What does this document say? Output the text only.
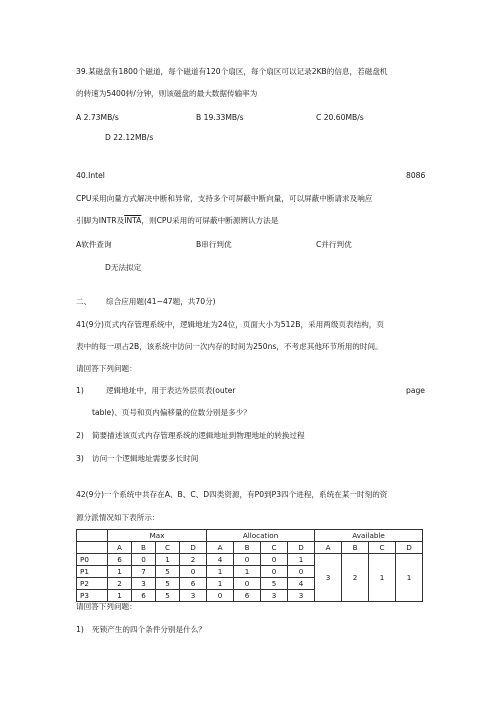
39.某磁盘有1800个磁道，每个磁道有120个扇区，每个扇区可以记录2KB的信息，若磁盘机
的转速为5400转/分钟，则该磁盘的最大数据传输率为
A 2.73MB/s	B 19.33MB/s	C 20.60MB/s
D 22.12MB/s
40.Intel	8086
CPU采用向量方式解决中断和异常，支持多个可屏蔽中断向量，可以屏蔽中断请求及响应
引脚为INTR及INTA，则CPU采用的可屏蔽中断源辨认方法是
A软件查询	B串行判优	C并行判优
D无法拟定
二、 综合应用题(41~47题，共70分)
41(9分)页式内存管理系统中，逻辑地址为24位，页面大小为512B，采用两级页表结构，页
表中的每一项占2B，该系统中访问一次内存的时间为250ns，不考虑其他环节所用的时间。
请回答下列问题：
1)	逻辑地址中，用于表达外层页表(outer	page
table)、页号和页内偏移量的位数分别是多少？
2) 简要描述该页式内存管理系统的逻辑地址到物理地址的转换过程
3) 访问一个逻辑地址需要多长时间
42(9分)一个系统中共存在A、B、C、D四类资源，有P0到P3四个进程，系统在某一时刻的资
源分派情况如下表所示：
	Max				Allocation				Available			
	A	B	C	D	A	B	C	D	A	B	C	D
P0	6	0	1	2	4	0	0	1	3	2	1	1
P1	1	7	5	0	1	1	0	0				
P2	2	3	5	6	1	0	5	4				
P3	1	6	5	3	0	6	3	3				
请回答下列问题：
1) 死锁产生的四个条件分别是什么？
